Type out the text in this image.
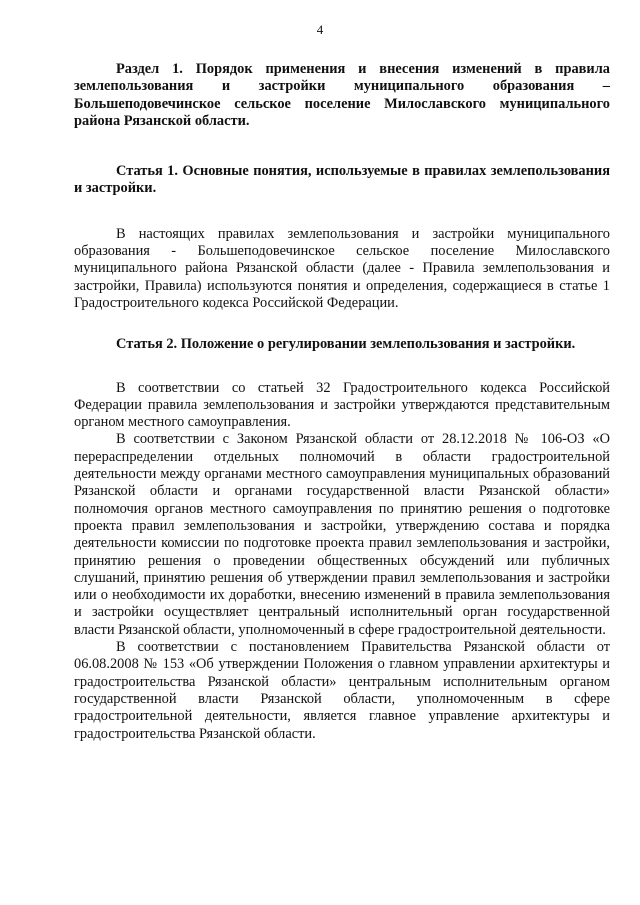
4

Раздел 1. Порядок применения и внесения изменений в правила землепользования и застройки муниципального образования – Большеподовечинское сельское поселение Милославского муниципального района Рязанской области.

Статья 1. Основные понятия, используемые в правилах землепользования и застройки.

В настоящих правилах землепользования и застройки муниципального образования - Большеподовечинское сельское поселение Милославского муниципального района Рязанской области (далее - Правила землепользования и застройки, Правила) используются понятия и определения, содержащиеся в статье 1 Градостроительного кодекса Российской Федерации.

Статья 2. Положение о регулировании землепользования и застройки.

В соответствии со статьей 32 Градостроительного кодекса Российской Федерации правила землепользования и застройки утверждаются представительным органом местного самоуправления.

В соответствии с Законом Рязанской области от 28.12.2018 № 106-ОЗ «О перераспределении отдельных полномочий в области градостроительной деятельности между органами местного самоуправления муниципальных образований Рязанской области и органами государственной власти Рязанской области» полномочия органов местного самоуправления по принятию решения о подготовке проекта правил землепользования и застройки, утверждению состава и порядка деятельности комиссии по подготовке проекта правил землепользования и застройки, принятию решения о проведении общественных обсуждений или публичных слушаний, принятию решения об утверждении правил землепользования и застройки или о необходимости их доработки, внесению изменений в правила землепользования и застройки осуществляет центральный исполнительный орган государственной власти Рязанской области, уполномоченный в сфере градостроительной деятельности.

В соответствии с постановлением Правительства Рязанской области от 06.08.2008 № 153 «Об утверждении Положения о главном управлении архитектуры и градостроительства Рязанской области» центральным исполнительным органом государственной власти Рязанской области, уполномоченным в сфере градостроительной деятельности, является главное управление архитектуры и градостроительства Рязанской области.
